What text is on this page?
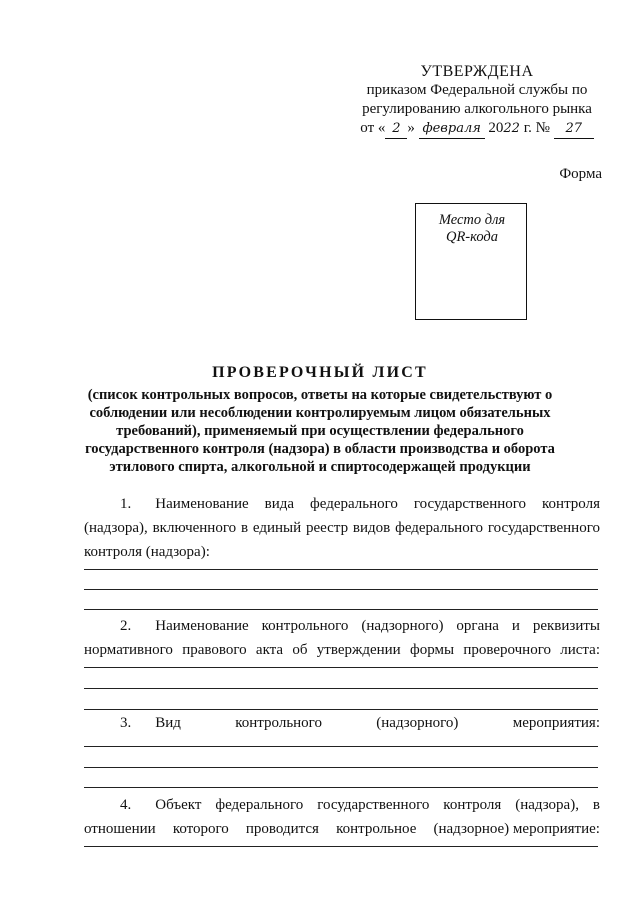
УТВЕРЖДЕНА
приказом Федеральной службы по
регулированию алкогольного рынка
от « 2 » февраля 2022 г. № 27
Форма
Место для QR-кода
ПРОВЕРОЧНЫЙ ЛИСТ
(список контрольных вопросов, ответы на которые свидетельствуют о
соблюдении или несоблюдении контролируемым лицом обязательных
требований), применяемый при осуществлении федерального
государственного контроля (надзора) в области производства и оборота
этилового спирта, алкогольной и спиртосодержащей продукции
1.	Наименование вида федерального государственного контроля
(надзора), включенного в единый реестр видов федерального государственного
контроля (надзора):
2.	Наименование контрольного (надзорного) органа и реквизиты
нормативного правового акта об утверждении формы проверочного листа:
3. Вид	контрольного	(надзорного)	мероприятия:
4.	Объект федерального государственного контроля (надзора), в
отношении которого проводится контрольное (надзорное) мероприятие:
